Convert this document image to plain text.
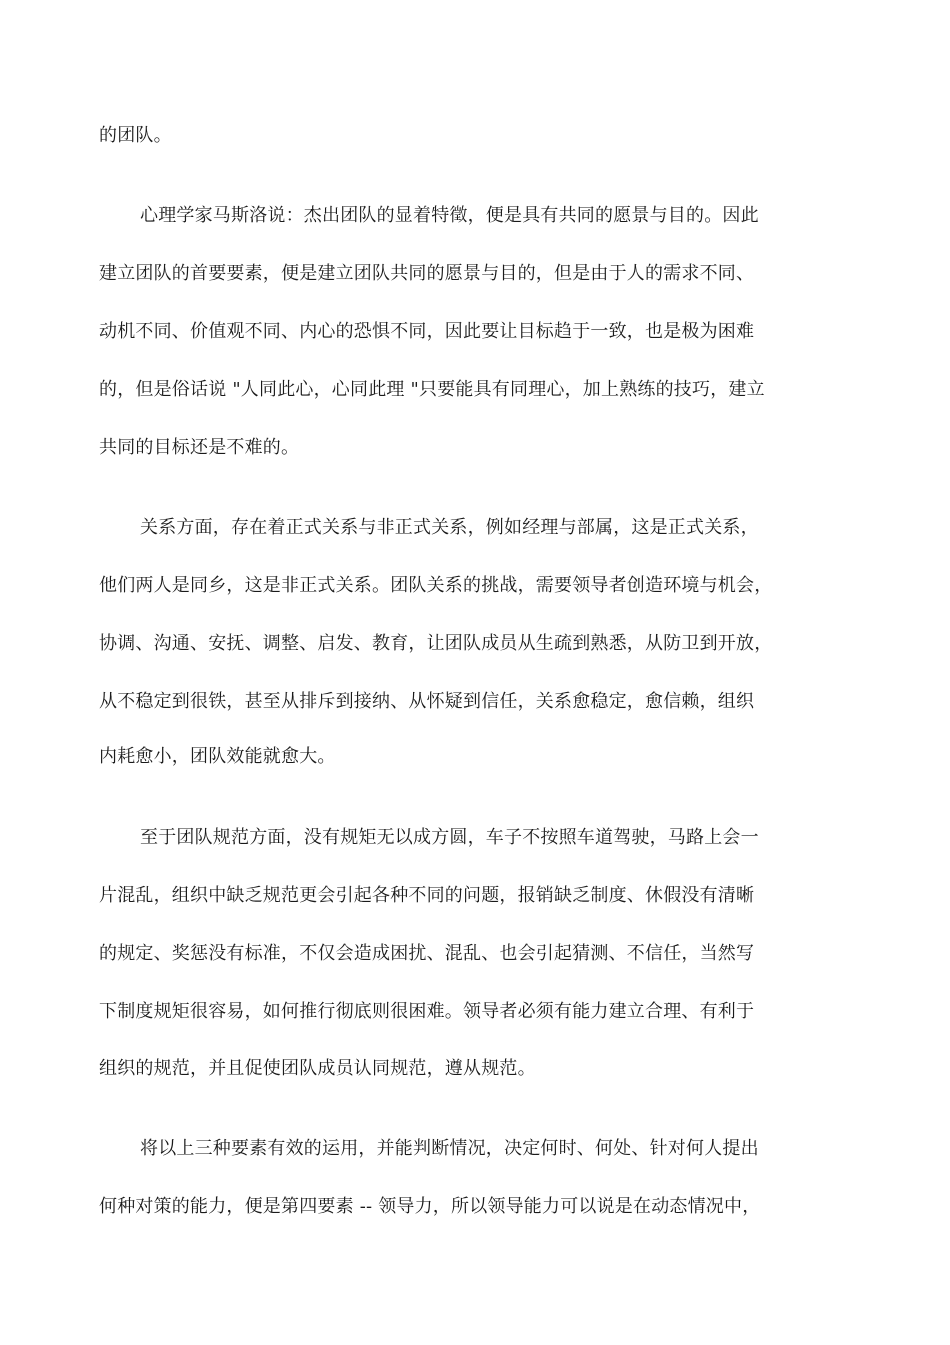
的团队。
心理学家马斯洛说：杰出团队的显着特徵，便是具有共同的愿景与目的。因此
建立团队的首要要素，便是建立团队共同的愿景与目的，但是由于人的需求不同、
动机不同、价值观不同、内心的恐惧不同，因此要让目标趋于一致，也是极为困难
的，但是俗话说 "人同此心，心同此理 "只要能具有同理心，加上熟练的技巧，建立
共同的目标还是不难的。
关系方面，存在着正式关系与非正式关系，例如经理与部属，这是正式关系，
他们两人是同乡，这是非正式关系。团队关系的挑战，需要领导者创造环境与机会，
协调、沟通、安抚、调整、启发、教育，让团队成员从生疏到熟悉，从防卫到开放，
从不稳定到很铁，甚至从排斥到接纳、从怀疑到信任，关系愈稳定，愈信赖，组织
内耗愈小，团队效能就愈大。
至于团队规范方面，没有规矩无以成方圆，车子不按照车道驾驶，马路上会一
片混乱，组织中缺乏规范更会引起各种不同的问题，报销缺乏制度、休假没有清晰
的规定、奖惩没有标准，不仅会造成困扰、混乱、也会引起猜测、不信任，当然写
下制度规矩很容易，如何推行彻底则很困难。领导者必须有能力建立合理、有利于
组织的规范，并且促使团队成员认同规范，遵从规范。
将以上三种要素有效的运用，并能判断情况，决定何时、何处、针对何人提出
何种对策的能力，便是第四要素 -- 领导力，所以领导能力可以说是在动态情况中，
